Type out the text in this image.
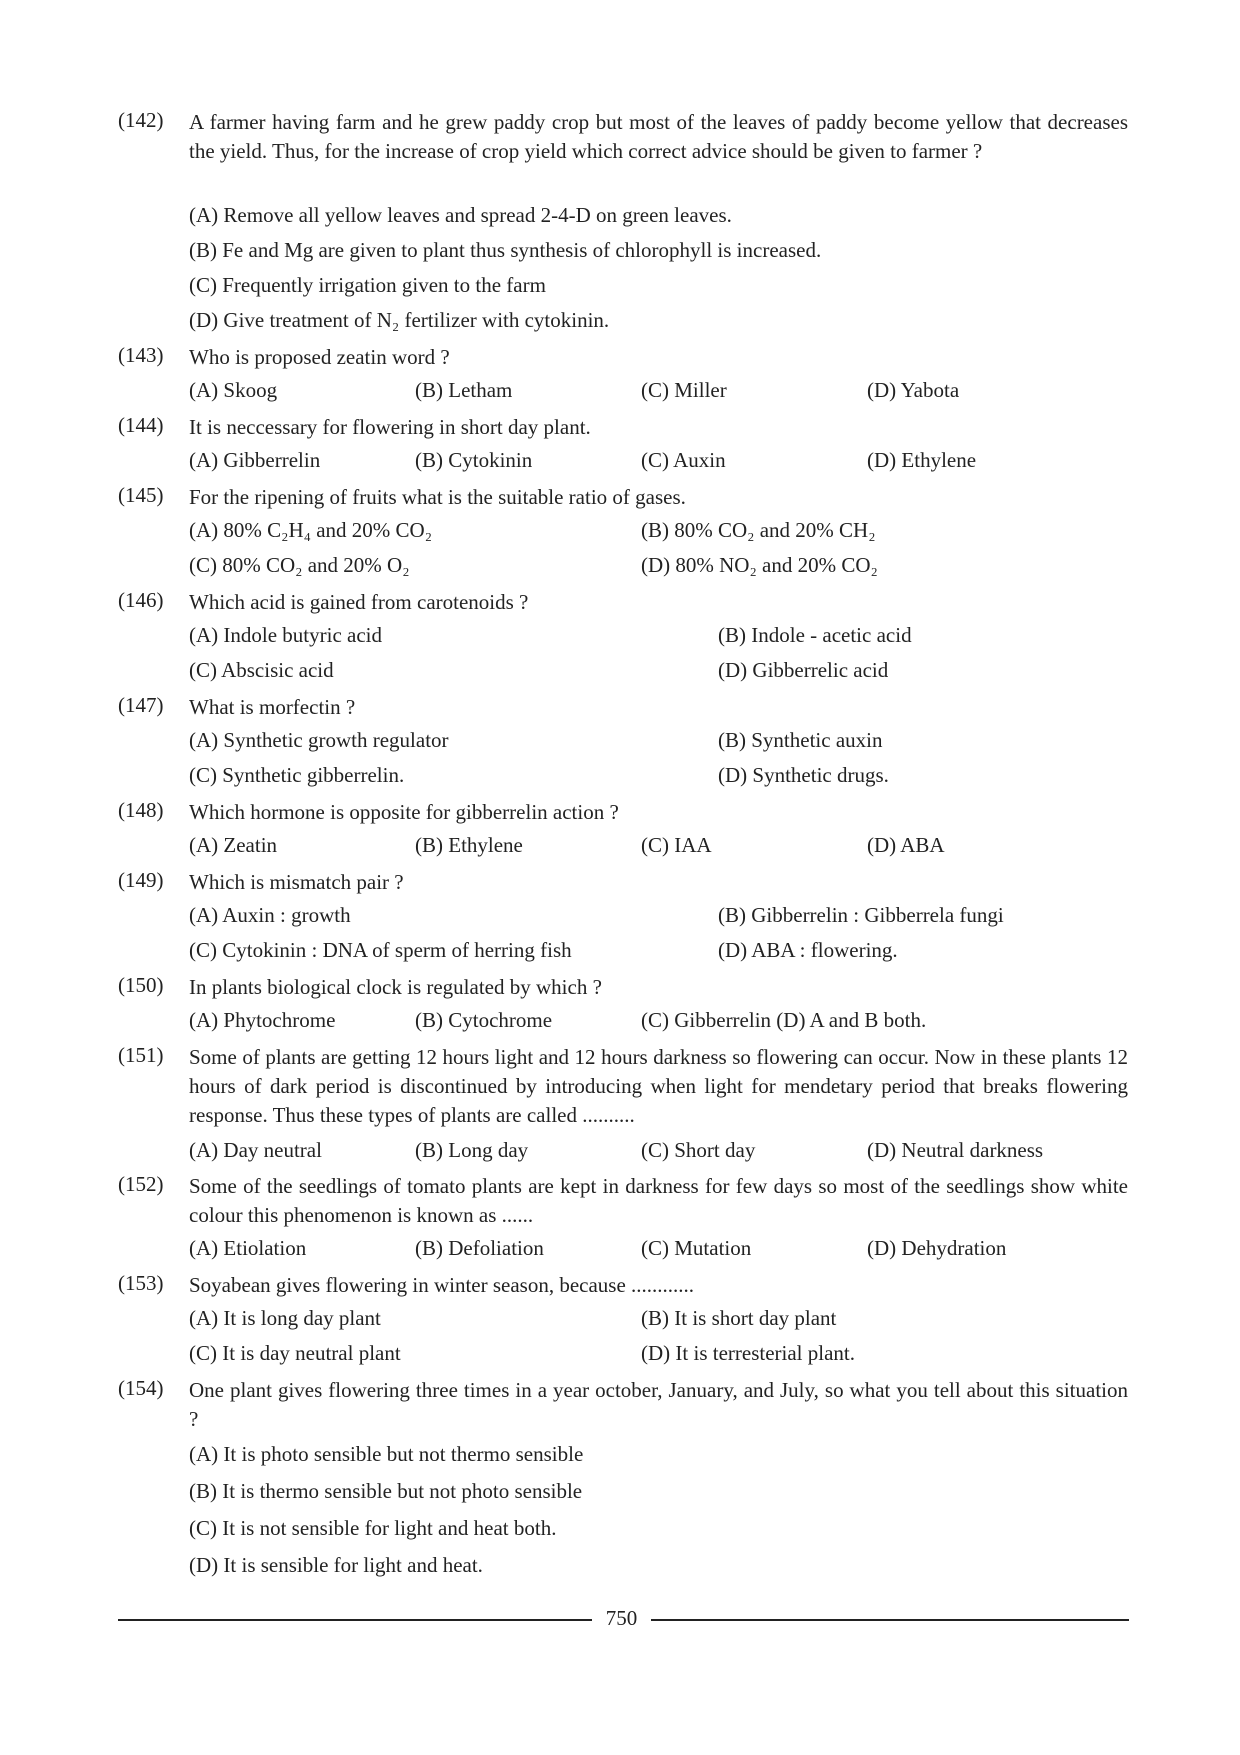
(142)	A farmer having farm and he grew paddy crop but most of the leaves of paddy become yellow that decreases the yield. Thus, for the increase of crop yield which correct advice should be given to farmer ?
(A) Remove all yellow leaves and spread 2-4-D on green leaves.
(B) Fe and Mg are given to plant thus synthesis of chlorophyll is increased.
(C) Frequently irrigation given to the farm
(D) Give treatment of N₂ fertilizer with cytokinin.
(143)	Who is proposed zeatin word ?
(A) Skoog	(B) Letham	(C) Miller	(D) Yabota
(144)	It is neccessary for flowering in short day plant.
(A) Gibberrelin	(B) Cytokinin	(C) Auxin	(D) Ethylene
(145)	For the ripening of fruits what is the suitable ratio of gases.
(A) 80% C₂H₄ and 20% CO₂	(B) 80% CO₂ and 20% CH₂
(C) 80% CO₂ and 20% O₂	(D) 80% NO₂ and 20% CO₂
(146)	Which acid is gained from carotenoids ?
(A) Indole butyric acid	(B) Indole - acetic acid
(C) Abscisic acid	(D) Gibberrelic acid
(147)	What is morfectin ?
(A) Synthetic growth regulator	(B) Synthetic auxin
(C) Synthetic gibberrelin.	(D) Synthetic drugs.
(148)	Which hormone is opposite for gibberrelin action ?
(A) Zeatin	(B) Ethylene	(C) IAA	(D) ABA
(149)	Which is mismatch pair ?
(A) Auxin : growth	(B) Gibberrelin : Gibberrela fungi
(C) Cytokinin : DNA of sperm of herring fish	(D) ABA : flowering.
(150)	In plants biological clock is regulated by which ?
(A) Phytochrome	(B) Cytochrome	(C) Gibberrelin (D) A and B both.
(151)	Some of plants are getting 12 hours light and 12 hours darkness so flowering can occur. Now in these plants 12 hours of dark period is discontinued by introducing when light for mendetary period that breaks flowering response. Thus these types of plants are called ..........
(A) Day neutral	(B) Long day	(C) Short day	(D) Neutral darkness
(152)	Some of the seedlings of tomato plants are kept in darkness for few days so most of the seedlings show white colour this phenomenon is known as ......
(A) Etiolation	(B) Defoliation	(C) Mutation	(D) Dehydration
(153)	Soyabean gives flowering in winter season, because ............
(A) It is long day plant	(B) It is short day plant
(C) It is day neutral plant	(D) It is terresterial plant.
(154)	One plant gives flowering three times in a year october, January, and July, so what you tell about this situation ?
(A) It is photo sensible but not thermo sensible
(B) It is thermo sensible but not photo sensible
(C) It is not sensible for light and heat both.
(D) It is sensible for light and heat.
750
